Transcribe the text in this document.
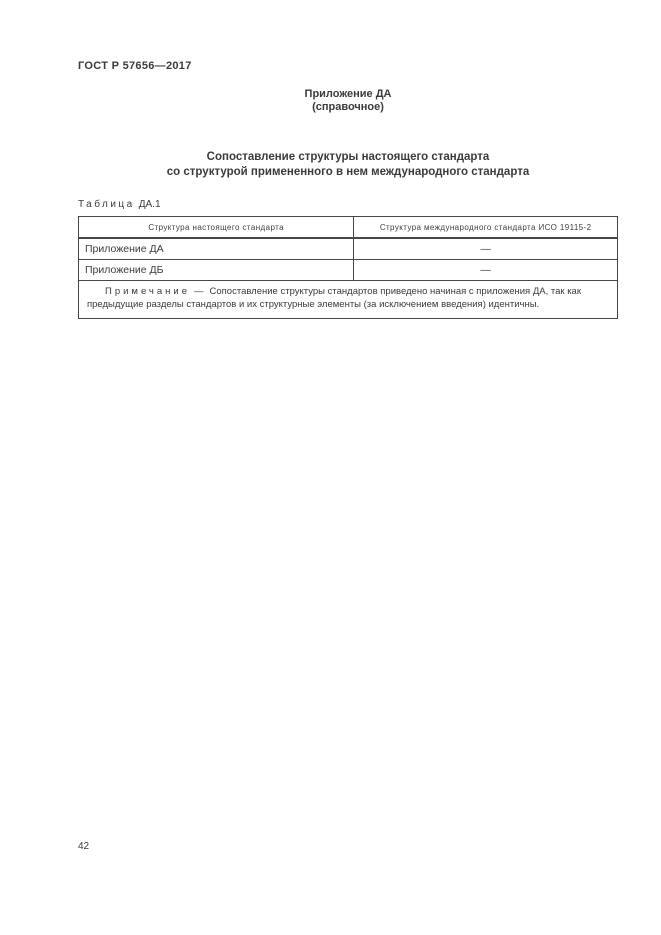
ГОСТ Р 57656—2017
Приложение ДА
(справочное)
Сопоставление структуры настоящего стандарта
со структурой примененного в нем международного стандарта
Таблица ДА.1
Структура настоящего стандарта	Структура международного стандарта ИСО 19115-2
Приложение ДА	—
Приложение ДБ	—

Примечание — Сопоставление структуры стандартов приведено начиная с приложения ДА, так как предыдущие разделы стандартов и их структурные элементы (за исключением введения) идентичны.	

42
